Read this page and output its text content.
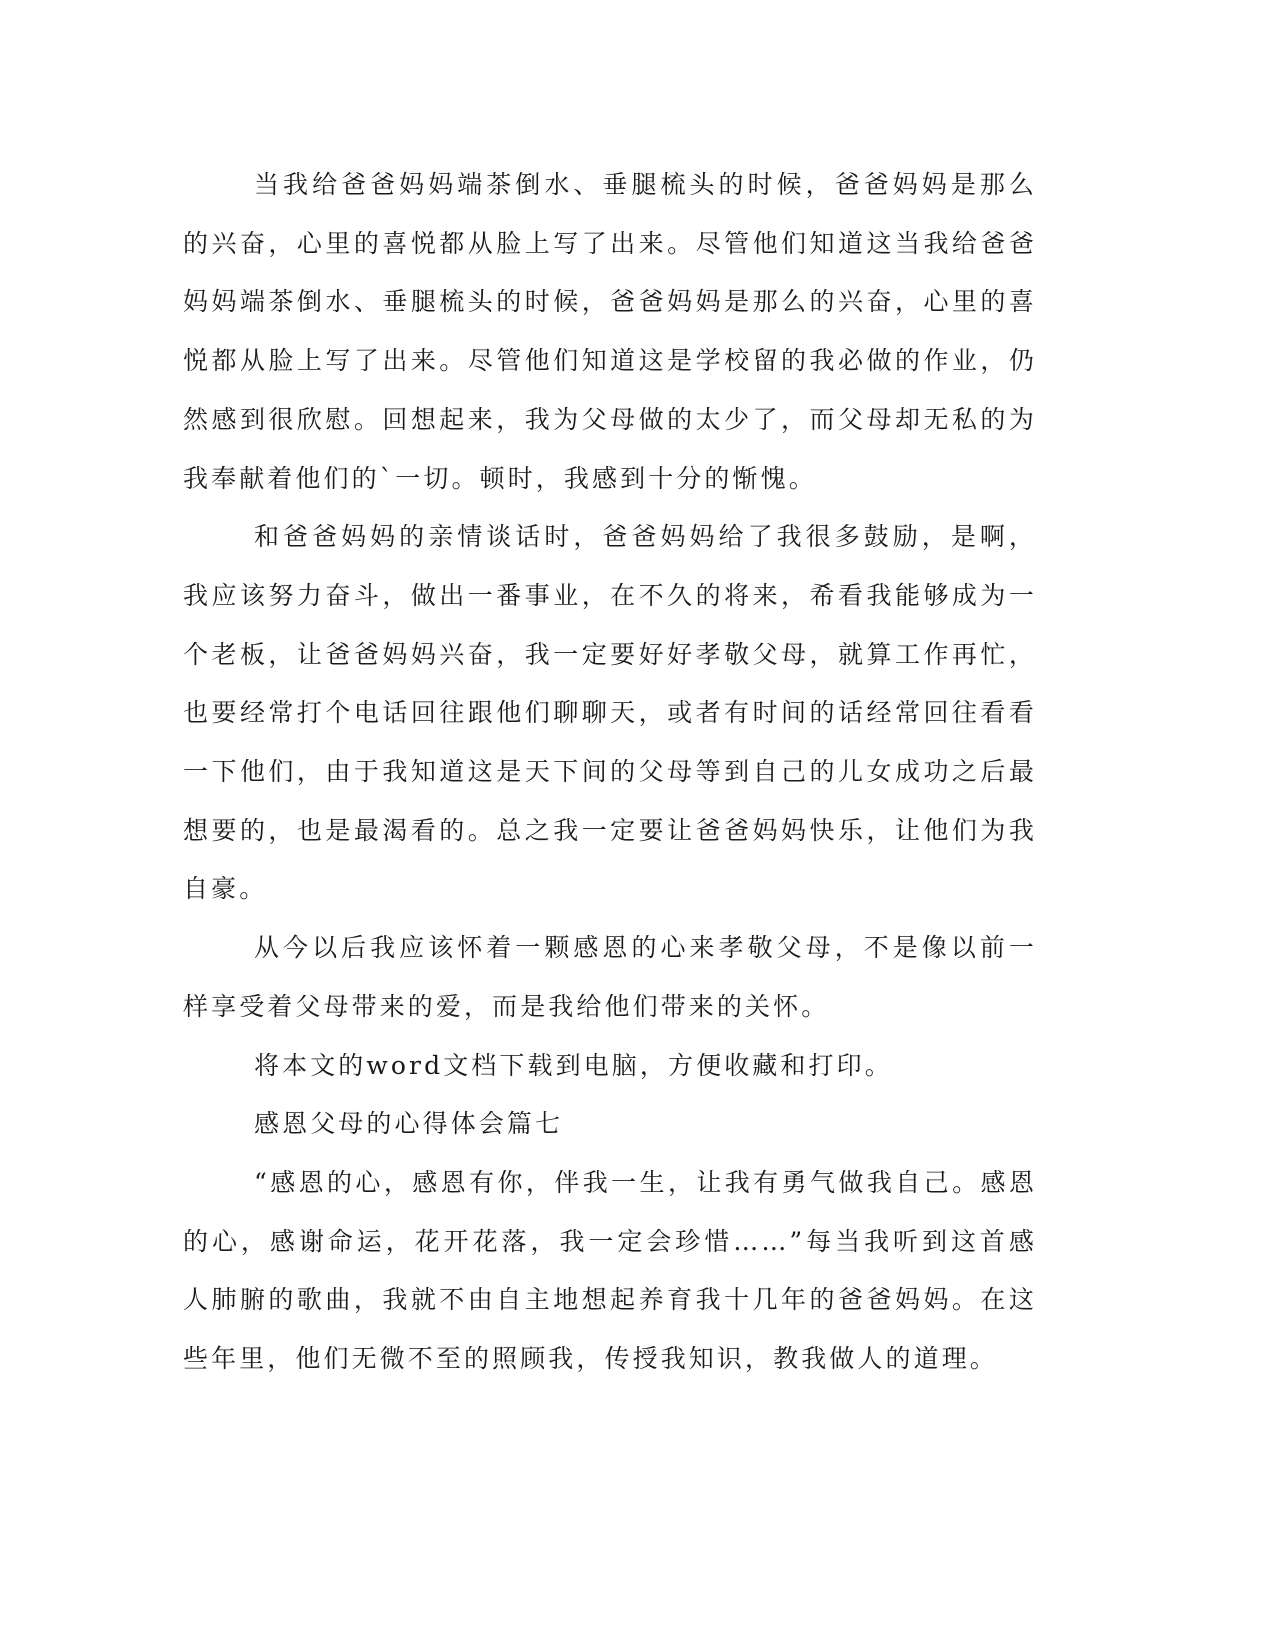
当我给爸爸妈妈端茶倒水、垂腿梳头的时候，爸爸妈妈是那么的兴奋，心里的喜悦都从脸上写了出来。尽管他们知道这当我给爸爸妈妈端茶倒水、垂腿梳头的时候，爸爸妈妈是那么的兴奋，心里的喜悦都从脸上写了出来。尽管他们知道这是学校留的我必做的作业，仍然感到很欣慰。回想起来，我为父母做的太少了，而父母却无私的为我奉献着他们的`一切。顿时，我感到十分的惭愧。

和爸爸妈妈的亲情谈话时，爸爸妈妈给了我很多鼓励，是啊，我应该努力奋斗，做出一番事业，在不久的将来，希看我能够成为一个老板，让爸爸妈妈兴奋，我一定要好好孝敬父母，就算工作再忙，也要经常打个电话回往跟他们聊聊天，或者有时间的话经常回往看看一下他们，由于我知道这是天下间的父母等到自己的儿女成功之后最想要的，也是最渴看的。总之我一定要让爸爸妈妈快乐，让他们为我自豪。

从今以后我应该怀着一颗感恩的心来孝敬父母，不是像以前一样享受着父母带来的爱，而是我给他们带来的关怀。

将本文的word文档下载到电脑，方便收藏和打印。

感恩父母的心得体会篇七

“感恩的心，感恩有你，伴我一生，让我有勇气做我自己。感恩的心，感谢命运，花开花落，我一定会珍惜……”每当我听到这首感人肺腑的歌曲，我就不由自主地想起养育我十几年的爸爸妈妈。在这些年里，他们无微不至的照顾我，传授我知识，教我做人的道理。
